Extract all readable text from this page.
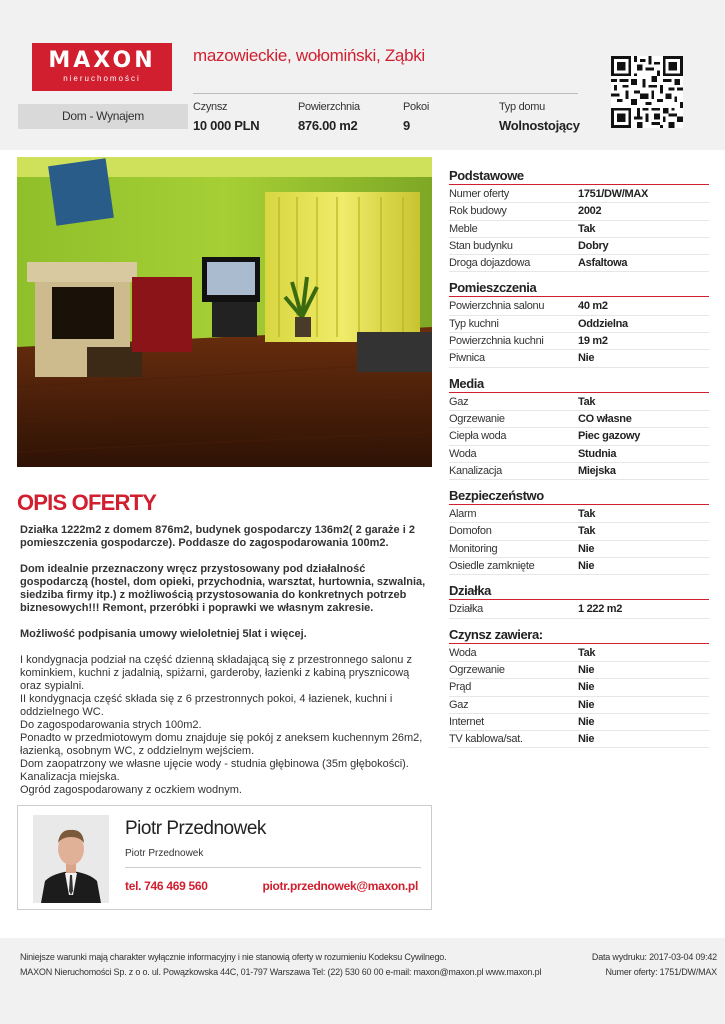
MAXON
nieruchomości
mazowieckie, wołomiński, Ząbki
Dom - Wynajem
Czynsz
10 000 PLN
Powierzchnia
876.00 m2
Pokoi
9
Typ domu
Wolnostojący
OPIS OFERTY

Działka 1222m2 z domem 876m2, budynek gospodarczy 136m2( 2 garaże i 2 pomieszczenia gospodarcze). Poddasze do zagospodarowania 100m2.

Dom idealnie przeznaczony wręcz przystosowany pod działalność gospodarczą (hostel, dom opieki, przychodnia, warsztat, hurtownia, szwalnia, siedziba firmy itp.) z możliwością przystosowania do konkretnych potrzeb biznesowych!!! Remont, przeróbki i poprawki we własnym zakresie.

Możliwość podpisania umowy wieloletniej 5lat i więcej.

I kondygnacja podział na część dzienną składającą się z przestronnego salonu z kominkiem, kuchni z jadalnią, spiżarni, garderoby, łazienki z kabiną prysznicową oraz sypialni.
II kondygnacja część składa się z 6 przestronnych pokoi, 4 łazienek, kuchni i oddzielnego WC.
Do zagospodarowania strych 100m2.
Ponadto w przedmiotowym domu znajduje się pokój z aneksem kuchennym 26m2, łazienką, osobnym WC, z oddzielnym wejściem.
Dom zaopatrzony we własne ujęcie wody - studnia głębinowa (35m głębokości).
Kanalizacja miejska.
Ogród zagospodarowany z oczkiem wodnym.
Piotr Przednowek
Piotr Przednowek
tel. 746 469 560	piotr.przednowek@maxon.pl
Podstawowe
Numer oferty	1751/DW/MAX
Rok budowy	2002
Meble	Tak
Stan budynku	Dobry
Droga dojazdowa	Asfaltowa
Pomieszczenia
Powierzchnia salonu	40 m2
Typ kuchni	Oddzielna
Powierzchnia kuchni	19 m2
Piwnica	Nie
Media
Gaz	Tak
Ogrzewanie	CO własne
Ciepła woda	Piec gazowy
Woda	Studnia
Kanalizacja	Miejska
Bezpieczeństwo
Alarm	Tak
Domofon	Tak
Monitoring	Nie
Osiedle zamknięte	Nie
Działka
Działka	1 222 m2
Czynsz zawiera:
Woda	Tak
Ogrzewanie	Nie
Prąd	Nie
Gaz	Nie
Internet	Nie
TV kablowa/sat.	Nie
Niniejsze warunki mają charakter wyłącznie informacyjny i nie stanowią oferty w rozumieniu Kodeksu Cywilnego.
MAXON Nieruchomości Sp. z o o. ul. Powązkowska 44C, 01-797 Warszawa Tel: (22) 530 60 00 e-mail: maxon@maxon.pl www.maxon.pl
Data wydruku: 2017-03-04 09:42
Numer oferty: 1751/DW/MAX
